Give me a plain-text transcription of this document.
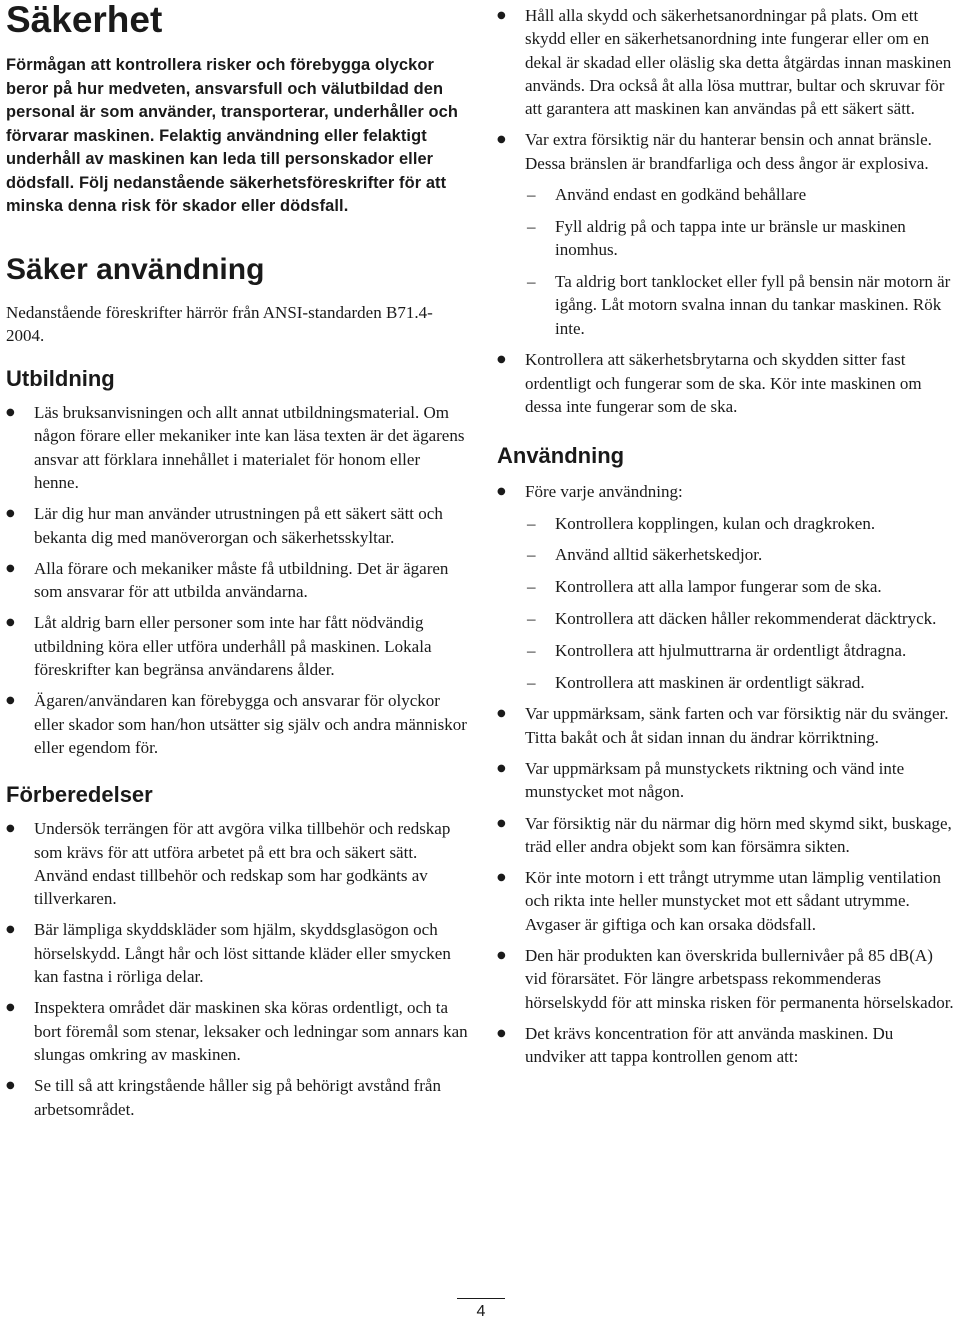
Säkerhet

Förmågan att kontrollera risker och förebygga olyckor beror på hur medveten, ansvarsfull och välutbildad den personal är som använder, transporterar, underhåller och förvarar maskinen. Felaktig användning eller felaktigt underhåll av maskinen kan leda till personskador eller dödsfall. Följ nedanstående säkerhetsföreskrifter för att minska denna risk för skador eller dödsfall.

Säker användning

Nedanstående föreskrifter härrör från ANSI-standarden B71.4-2004.

Utbildning
●	Läs bruksanvisningen och allt annat utbildningsmaterial. Om någon förare eller mekaniker inte kan läsa texten är det ägarens ansvar att förklara innehållet i materialet för honom eller henne.
●	Lär dig hur man använder utrustningen på ett säkert sätt och bekanta dig med manöverorgan och säkerhetsskyltar.
●	Alla förare och mekaniker måste få utbildning. Det är ägaren som ansvarar för att utbilda användarna.
●	Låt aldrig barn eller personer som inte har fått nödvändig utbildning köra eller utföra underhåll på maskinen. Lokala föreskrifter kan begränsa användarens ålder.
●	Ägaren/användaren kan förebygga och ansvarar för olyckor eller skador som han/hon utsätter sig själv och andra människor eller egendom för.
Förberedelser
●	Undersök terrängen för att avgöra vilka tillbehör och redskap som krävs för att utföra arbetet på ett bra och säkert sätt. Använd endast tillbehör och redskap som har godkänts av tillverkaren.
●	Bär lämpliga skyddskläder som hjälm, skyddsglasögon och hörselskydd. Långt hår och löst sittande kläder eller smycken kan fastna i rörliga delar.
●	Inspektera området där maskinen ska köras ordentligt, och ta bort föremål som stenar, leksaker och ledningar som annars kan slungas omkring av maskinen.
●	Se till så att kringstående håller sig på behörigt avstånd från arbetsområdet.
●	Håll alla skydd och säkerhetsanordningar på plats. Om ett skydd eller en säkerhetsanordning inte fungerar eller om en dekal är skadad eller oläslig ska detta åtgärdas innan maskinen används. Dra också åt alla lösa muttrar, bultar och skruvar för att garantera att maskinen kan användas på ett säkert sätt.
●	Var extra försiktig när du hanterar bensin och annat bränsle. Dessa bränslen är brandfarliga och dess ångor är explosiva.
– Använd endast en godkänd behållare
– Fyll aldrig på och tappa inte ur bränsle ur maskinen inomhus.
– Ta aldrig bort tanklocket eller fyll på bensin när motorn är igång. Låt motorn svalna innan du tankar maskinen. Rök inte.
●	Kontrollera att säkerhetsbrytarna och skydden sitter fast ordentligt och fungerar som de ska. Kör inte maskinen om dessa inte fungerar som de ska.
Användning
●	Före varje användning:
– Kontrollera kopplingen, kulan och dragkroken.
– Använd alltid säkerhetskedjor.
– Kontrollera att alla lampor fungerar som de ska.
– Kontrollera att däcken håller rekommenderat däcktryck.
– Kontrollera att hjulmuttrarna är ordentligt åtdragna.
– Kontrollera att maskinen är ordentligt säkrad.
●	Var uppmärksam, sänk farten och var försiktig när du svänger. Titta bakåt och åt sidan innan du ändrar körriktning.
●	Var uppmärksam på munstyckets riktning och vänd inte munstycket mot någon.
●	Var försiktig när du närmar dig hörn med skymd sikt, buskage, träd eller andra objekt som kan försämra sikten.
●	Kör inte motorn i ett trångt utrymme utan lämplig ventilation och rikta inte heller munstycket mot ett sådant utrymme. Avgaser är giftiga och kan orsaka dödsfall.
●	Den här produkten kan överskrida bullernivåer på 85 dB(A) vid förarsätet. För längre arbetspass rekommenderas hörselskydd för att minska risken för permanenta hörselskador.
●	Det krävs koncentration för att använda maskinen. Du undviker att tappa kontrollen genom att:
4
